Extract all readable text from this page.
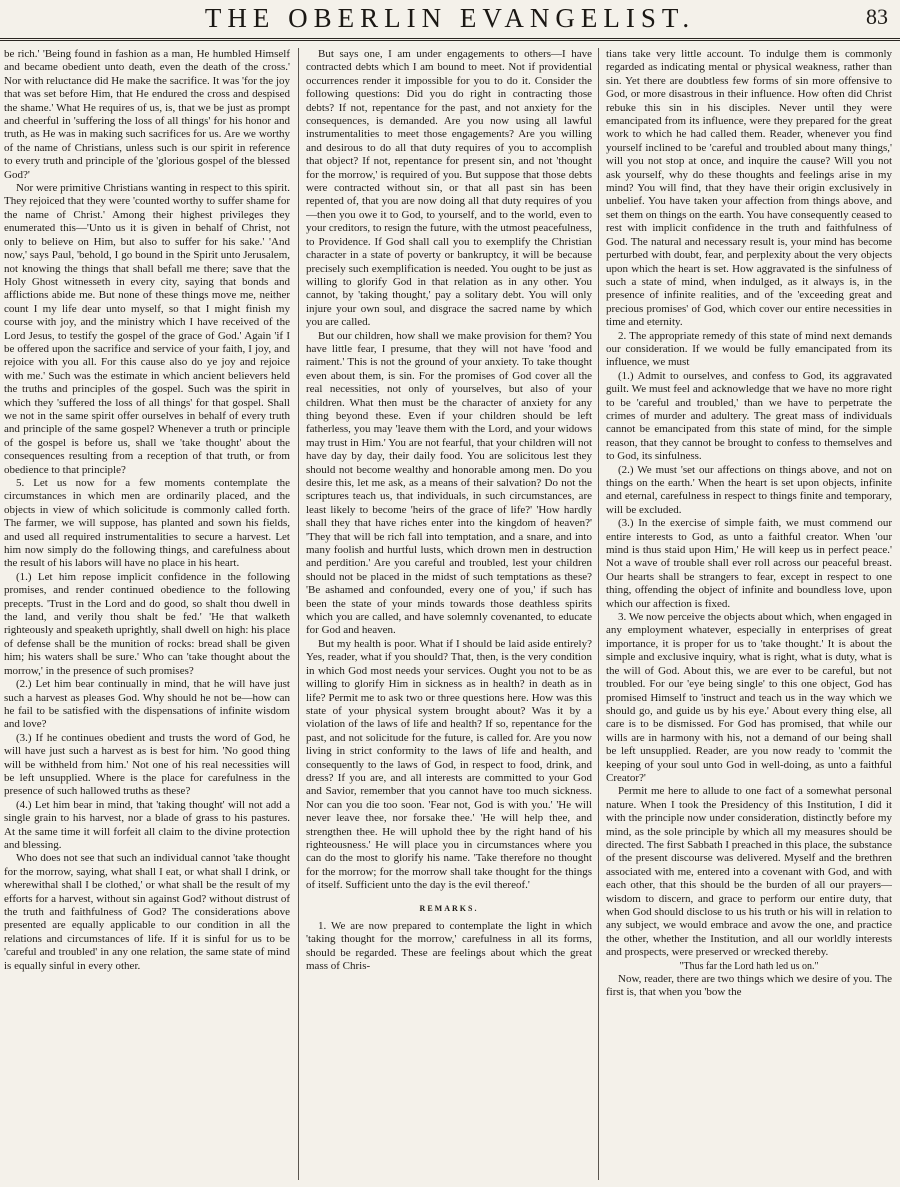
THE OBERLIN EVANGELIST.	83

be rich.' 'Being found in fashion as a man, He humbled Himself and became obedient unto death, even the death of the cross.' Nor with reluctance did He make the sacrifice. It was 'for the joy that was set before Him, that He endured the cross and despised the shame.' What He requires of us, is, that we be just as prompt and cheerful in 'suffering the loss of all things' for his honor and truth, as He was in making such sacrifices for us. Are we worthy of the name of Christians, unless such is our spirit in reference to every truth and principle of the 'glorious gospel of the blessed God?'

Nor were primitive Christians wanting in respect to this spirit. They rejoiced that they were 'counted worthy to suffer shame for the name of Christ.' Among their highest privileges they enumerated this—'Unto us it is given in behalf of Christ, not only to believe on Him, but also to suffer for his sake.' 'And now,' says Paul, 'behold, I go bound in the Spirit unto Jerusalem, not knowing the things that shall befall me there; save that the Holy Ghost witnesseth in every city, saying that bonds and afflictions abide me. But none of these things move me, neither count I my life dear unto myself, so that I might finish my course with joy, and the ministry which I have received of the Lord Jesus, to testify the gospel of the grace of God.' Again 'if I be offered upon the sacrifice and service of your faith, I joy, and rejoice with you all. For this cause also do ye joy and rejoice with me.' Such was the estimate in which ancient believers held the truths and principles of the gospel. Such was the spirit in which they 'suffered the loss of all things' for that gospel. Shall we not in the same spirit offer ourselves in behalf of every truth and principle of the same gospel? Whenever a truth or principle of the gospel is before us, shall we 'take thought' about the consequences resulting from a reception of that truth, or from obedience to that principle?

5. Let us now for a few moments contemplate the circumstances in which men are ordinarily placed, and the objects in view of which solicitude is commonly called forth. The farmer, we will suppose, has planted and sown his fields, and used all required instrumentalities to secure a harvest. Let him now simply do the following things, and carefulness about the result of his labors will have no place in his heart.

(1.) Let him repose implicit confidence in the following promises, and render continued obedience to the following precepts. 'Trust in the Lord and do good, so shalt thou dwell in the land, and verily thou shalt be fed.' 'He that walketh righteously and speaketh uprightly, shall dwell on high: his place of defense shall be the munition of rocks: bread shall be given him; his waters shall be sure.' Who can 'take thought about the morrow,' in the presence of such promises?

(2.) Let him bear continually in mind, that he will have just such a harvest as pleases God. Why should he not be—how can he fail to be satisfied with the dispensations of infinite wisdom and love?

(3.) If he continues obedient and trusts the word of God, he will have just such a harvest as is best for him. 'No good thing will be withheld from him.' Not one of his real necessities will be left unsupplied. Where is the place for carefulness in the presence of such hallowed truths as these?

(4.) Let him bear in mind, that 'taking thought' will not add a single grain to his harvest, nor a blade of grass to his pastures. At the same time it will forfeit all claim to the divine protection and blessing.

Who does not see that such an individual cannot 'take thought for the morrow, saying, what shall I eat, or what shall I drink, or wherewithal shall I be clothed,' or what shall be the result of my efforts for a harvest, without sin against God? without distrust of the truth and faithfulness of God? The considerations above presented are equally applicable to our condition in all the relations and circumstances of life. If it is sinful for us to be 'careful and troubled' in any one relation, the same state of mind is equally sinful in every other.

But says one, I am under engagements to others—I have contracted debts which I am bound to meet. Not if providential occurrences render it impossible for you to do it. Consider the following questions: Did you do right in contracting those debts? If not, repentance for the past, and not anxiety for the consequences, is demanded. Are you now using all lawful instrumentalities to meet those engagements? Are you willing and desirous to do all that duty requires of you to accomplish that object? If not, repentance for present sin, and not 'thought for the morrow,' is required of you. But suppose that those debts were contracted without sin, or that all past sin has been repented of, that you are now doing all that duty requires of you—then you owe it to God, to yourself, and to the world, even to your creditors, to resign the future, with the utmost peacefulness, to Providence. If God shall call you to exemplify the Christian character in a state of poverty or bankruptcy, it will be because precisely such exemplification is needed. You ought to be just as willing to glorify God in that relation as in any other. You cannot, by 'taking thought,' pay a solitary debt. You will only injure your own soul, and disgrace the sacred name by which you are called.

But our children, how shall we make provision for them? You have little fear, I presume, that they will not have 'food and raiment.' This is not the ground of your anxiety. To take thought even about them, is sin. For the promises of God cover all the real necessities, not only of yourselves, but also of your children. What then must be the character of anxiety for any thing beyond these. Even if your children should be left fatherless, you may 'leave them with the Lord, and your widows may trust in Him.' You are not fearful, that your children will not have day by day, their daily food. You are solicitous lest they should not become wealthy and honorable among men. Do you desire this, let me ask, as a means of their salvation? Do not the scriptures teach us, that individuals, in such circumstances, are least likely to become 'heirs of the grace of life?' 'How hardly shall they that have riches enter into the kingdom of heaven?' 'They that will be rich fall into temptation, and a snare, and into many foolish and hurtful lusts, which drown men in destruction and perdition.' Are you careful and troubled, lest your children should not be placed in the midst of such temptations as these? 'Be ashamed and confounded, every one of you,' if such has been the state of your minds towards those deathless spirits which you are called, and have solemnly covenanted, to educate for God and heaven.

But my health is poor. What if I should be laid aside entirely? Yes, reader, what if you should? That, then, is the very condition in which God most needs your services. Ought you not to be as willing to glorify Him in sickness as in health? in death as in life? Permit me to ask two or three questions here. How was this state of your physical system brought about? Was it by a violation of the laws of life and health? If so, repentance for the past, and not solicitude for the future, is called for. Are you now living in strict conformity to the laws of life and health, and consequently to the laws of God, in respect to food, drink, and dress? If you are, and all interests are committed to your God and Savior, remember that you cannot have too much sickness. Nor can you die too soon. 'Fear not, God is with you.' 'He will never leave thee, nor forsake thee.' 'He will help thee, and strengthen thee. He will uphold thee by the right hand of his righteousness.' He will place you in circumstances where you can do the most to glorify his name. 'Take therefore no thought for the morrow; for the morrow shall take thought for the things of itself. Sufficient unto the day is the evil thereof.'

REMARKS.

1. We are now prepared to contemplate the light in which 'taking thought for the morrow,' carefulness in all its forms, should be regarded. These are feelings about which the great mass of Chris-

tians take very little account. To indulge them is commonly regarded as indicating mental or physical weakness, rather than sin. Yet there are doubtless few forms of sin more offensive to God, or more disastrous in their influence. How often did Christ rebuke this sin in his disciples. Never until they were emancipated from its influence, were they prepared for the great work to which he had called them. Reader, whenever you find yourself inclined to be 'careful and troubled about many things,' will you not stop at once, and inquire the cause? Will you not ask yourself, why do these thoughts and feelings arise in my mind? You will find, that they have their origin exclusively in unbelief. You have taken your affection from things above, and set them on things on the earth. You have consequently ceased to rest with implicit confidence in the truth and faithfulness of God. The natural and necessary result is, your mind has become perturbed with doubt, fear, and perplexity about the very objects upon which the heart is set. How aggravated is the sinfulness of such a state of mind, when indulged, as it always is, in the presence of infinite realities, and of the 'exceeding great and precious promises' of God, which cover our entire necessities in time and eternity.

2. The appropriate remedy of this state of mind next demands our consideration. If we would be fully emancipated from its influence, we must

(1.) Admit to ourselves, and confess to God, its aggravated guilt. We must feel and acknowledge that we have no more right to be 'careful and troubled,' than we have to perpetrate the crimes of murder and adultery. The great mass of individuals cannot be emancipated from this state of mind, for the simple reason, that they cannot be brought to confess to themselves and to God, its sinfulness.

(2.) We must 'set our affections on things above, and not on things on the earth.' When the heart is set upon objects, infinite and eternal, carefulness in respect to things finite and temporary, will be excluded.

(3.) In the exercise of simple faith, we must commend our entire interests to God, as unto a faithful creator. When 'our mind is thus staid upon Him,' He will keep us in perfect peace.' Not a wave of trouble shall ever roll across our peaceful breast. Our hearts shall be strangers to fear, except in respect to one thing, offending the object of infinite and boundless love, upon which our affection is fixed.

3. We now perceive the objects about which, when engaged in any employment whatever, especially in enterprises of great importance, it is proper for us to 'take thought.' It is about the simple and exclusive inquiry, what is right, what is duty, what is the will of God. About this, we are ever to be careful, but not troubled. For our 'eye being single' to this one object, God has promised Himself to 'instruct and teach us in the way which we should go, and guide us by his eye.' About every thing else, all care is to be dismissed. For God has promised, that while our wills are in harmony with his, not a demand of our being shall be left unsupplied. Reader, are you now ready to 'commit the keeping of your soul unto God in well-doing, as unto a faithful Creator?'

Permit me here to allude to one fact of a somewhat personal nature. When I took the Presidency of this Institution, I did it with the principle now under consideration, distinctly before my mind, as the sole principle by which all my measures should be directed. The first Sabbath I preached in this place, the substance of the present discourse was delivered. Myself and the brethren associated with me, entered into a covenant with God, and with each other, that this should be the burden of all our prayers—wisdom to discern, and grace to perform our entire duty, that when God should disclose to us his truth or his will in relation to any subject, we would embrace and avow the one, and practice the other, whether the Institution, and all our worldly interests and prospects, were preserved or wrecked thereby.

"Thus far the Lord hath led us on."

Now, reader, there are two things which we desire of you. The first is, that when you 'bow the
